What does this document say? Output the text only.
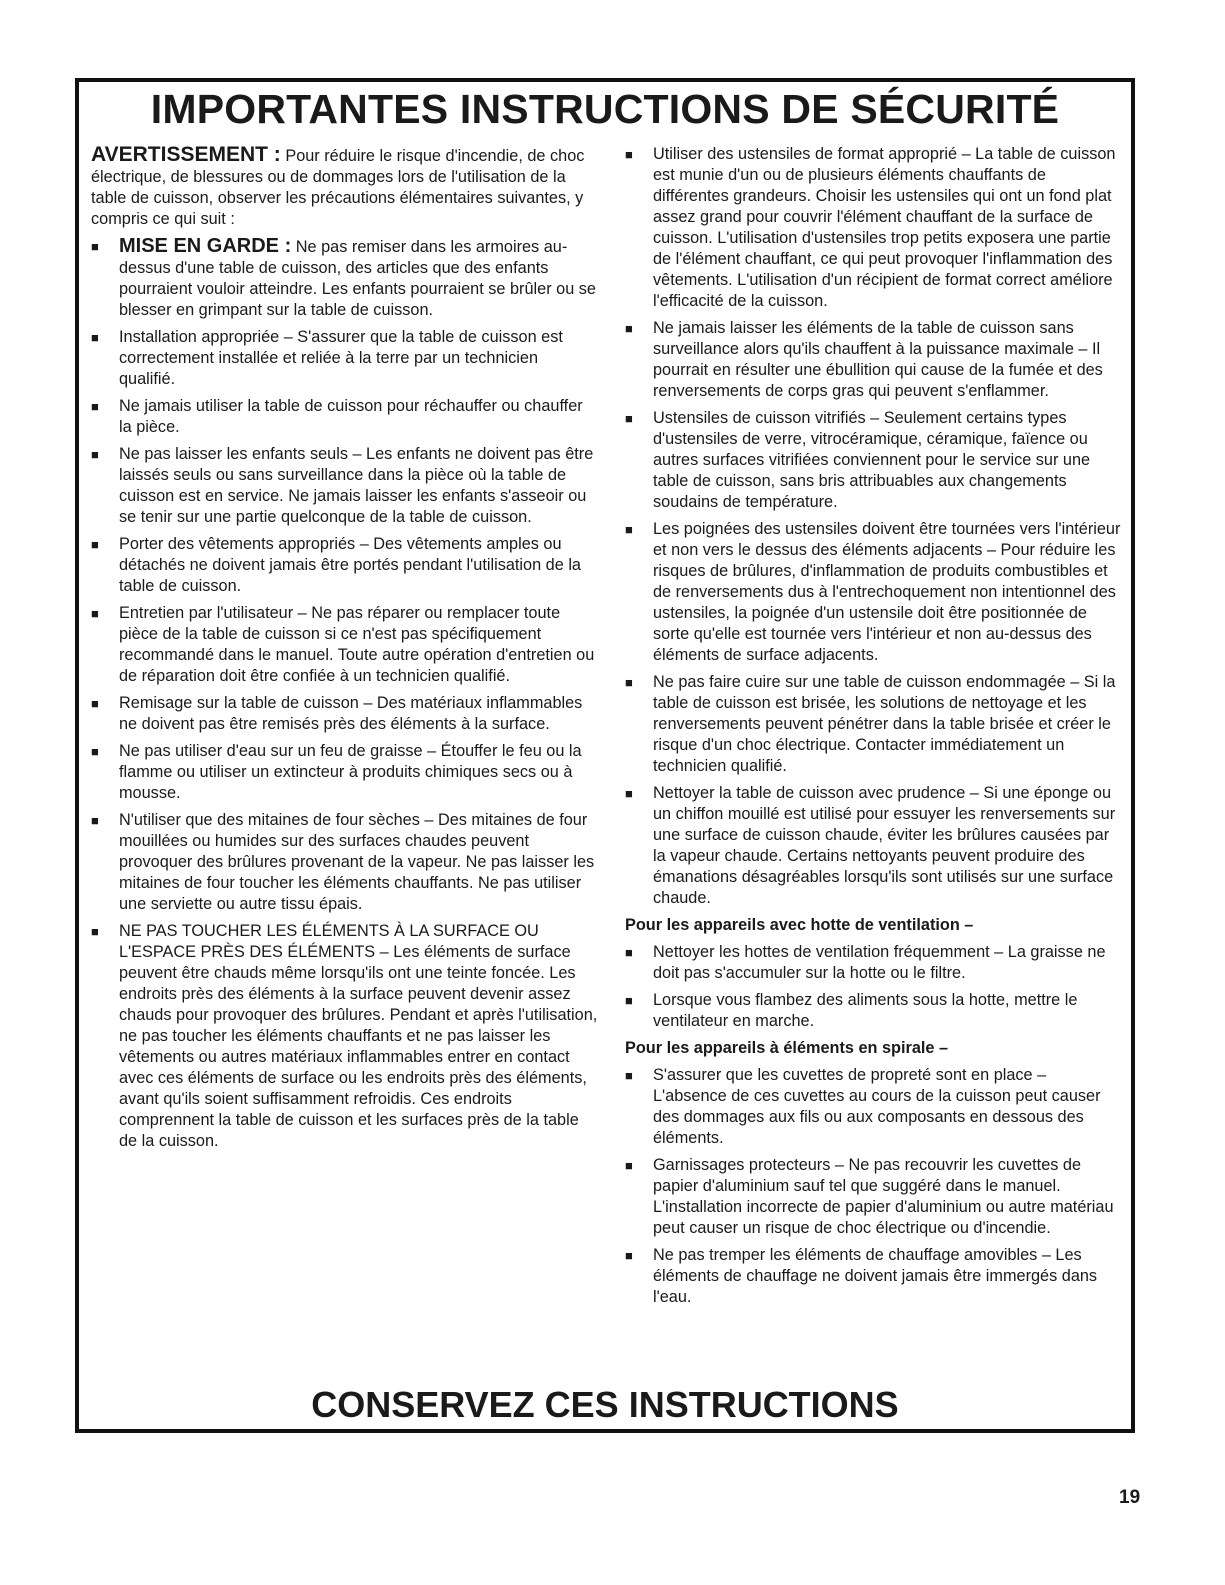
IMPORTANTES INSTRUCTIONS DE SÉCURITÉ

AVERTISSEMENT : Pour réduire le risque d'incendie, de choc électrique, de blessures ou de dommages lors de l'utilisation de la table de cuisson, observer les précautions élémentaires suivantes, y compris ce qui suit :

■	MISE EN GARDE : Ne pas remiser dans les armoires au-dessus d'une table de cuisson, des articles que des enfants pourraient vouloir atteindre. Les enfants pourraient se brûler ou se blesser en grimpant sur la table de cuisson.
■	Installation appropriée – S'assurer que la table de cuisson est correctement installée et reliée à la terre par un technicien qualifié.
■	Ne jamais utiliser la table de cuisson pour réchauffer ou chauffer la pièce.
■	Ne pas laisser les enfants seuls – Les enfants ne doivent pas être laissés seuls ou sans surveillance dans la pièce où la table de cuisson est en service. Ne jamais laisser les enfants s'asseoir ou se tenir sur une partie quelconque de la table de cuisson.
■	Porter des vêtements appropriés – Des vêtements amples ou détachés ne doivent jamais être portés pendant l'utilisation de la table de cuisson.
■	Entretien par l'utilisateur – Ne pas réparer ou remplacer toute pièce de la table de cuisson si ce n'est pas spécifiquement recommandé dans le manuel. Toute autre opération d'entretien ou de réparation doit être confiée à un technicien qualifié.
■	Remisage sur la table de cuisson – Des matériaux inflammables ne doivent pas être remisés près des éléments à la surface.
■	Ne pas utiliser d'eau sur un feu de graisse – Étouffer le feu ou la flamme ou utiliser un extincteur à produits chimiques secs ou à mousse.
■	N'utiliser que des mitaines de four sèches – Des mitaines de four mouillées ou humides sur des surfaces chaudes peuvent provoquer des brûlures provenant de la vapeur. Ne pas laisser les mitaines de four toucher les éléments chauffants. Ne pas utiliser une serviette ou autre tissu épais.
■	NE PAS TOUCHER LES ÉLÉMENTS À LA SURFACE OU L'ESPACE PRÈS DES ÉLÉMENTS – Les éléments de surface peuvent être chauds même lorsqu'ils ont une teinte foncée. Les endroits près des éléments à la surface peuvent devenir assez chauds pour provoquer des brûlures. Pendant et après l'utilisation, ne pas toucher les éléments chauffants et ne pas laisser les vêtements ou autres matériaux inflammables entrer en contact avec ces éléments de surface ou les endroits près des éléments, avant qu'ils soient suffisamment refroidis. Ces endroits comprennent la table de cuisson et les surfaces près de la table de la cuisson.
■	Utiliser des ustensiles de format approprié – La table de cuisson est munie d'un ou de plusieurs éléments chauffants de différentes grandeurs. Choisir les ustensiles qui ont un fond plat assez grand pour couvrir l'élément chauffant de la surface de cuisson. L'utilisation d'ustensiles trop petits exposera une partie de l'élément chauffant, ce qui peut provoquer l'inflammation des vêtements. L'utilisation d'un récipient de format correct améliore l'efficacité de la cuisson.
■	Ne jamais laisser les éléments de la table de cuisson sans surveillance alors qu'ils chauffent à la puissance maximale – Il pourrait en résulter une ébullition qui cause de la fumée et des renversements de corps gras qui peuvent s'enflammer.
■	Ustensiles de cuisson vitrifiés – Seulement certains types d'ustensiles de verre, vitrocéramique, céramique, faïence ou autres surfaces vitrifiées conviennent pour le service sur une table de cuisson, sans bris attribuables aux changements soudains de température.
■	Les poignées des ustensiles doivent être tournées vers l'intérieur et non vers le dessus des éléments adjacents – Pour réduire les risques de brûlures, d'inflammation de produits combustibles et de renversements dus à l'entrechoquement non intentionnel des ustensiles, la poignée d'un ustensile doit être positionnée de sorte qu'elle est tournée vers l'intérieur et non au-dessus des éléments de surface adjacents.
■	Ne pas faire cuire sur une table de cuisson endommagée – Si la table de cuisson est brisée, les solutions de nettoyage et les renversements peuvent pénétrer dans la table brisée et créer le risque d'un choc électrique. Contacter immédiatement un technicien qualifié.
■	Nettoyer la table de cuisson avec prudence – Si une éponge ou un chiffon mouillé est utilisé pour essuyer les renversements sur une surface de cuisson chaude, éviter les brûlures causées par la vapeur chaude. Certains nettoyants peuvent produire des émanations désagréables lorsqu'ils sont utilisés sur une surface chaude.
Pour les appareils avec hotte de ventilation –
■	Nettoyer les hottes de ventilation fréquemment – La graisse ne doit pas s'accumuler sur la hotte ou le filtre.
■	Lorsque vous flambez des aliments sous la hotte, mettre le ventilateur en marche.
Pour les appareils à éléments en spirale –
■	S'assurer que les cuvettes de propreté sont en place – L'absence de ces cuvettes au cours de la cuisson peut causer des dommages aux fils ou aux composants en dessous des éléments.
■	Garnissages protecteurs – Ne pas recouvrir les cuvettes de papier d'aluminium sauf tel que suggéré dans le manuel. L'installation incorrecte de papier d'aluminium ou autre matériau peut causer un risque de choc électrique ou d'incendie.
■	Ne pas tremper les éléments de chauffage amovibles – Les éléments de chauffage ne doivent jamais être immergés dans l'eau.
CONSERVEZ CES INSTRUCTIONS
19
